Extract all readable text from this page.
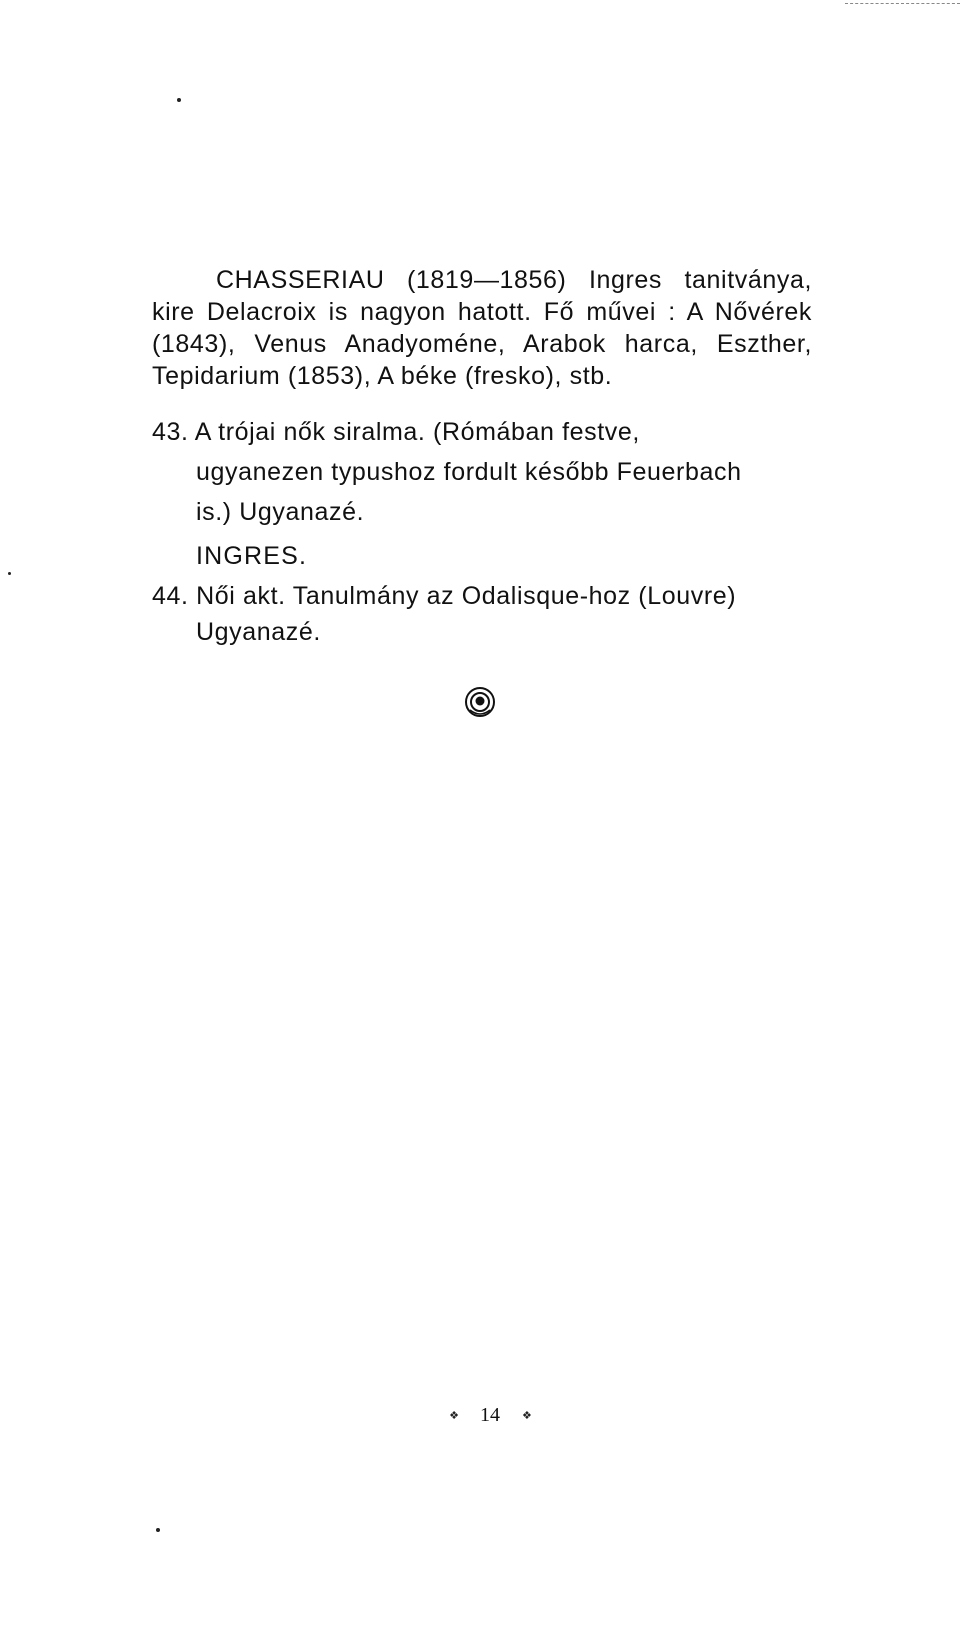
CHASSERIAU (1819—1856) Ingres tanitványa, kire Delacroix is nagyon hatott. Fő művei : A Nővérek (1843), Venus Anadyoméne, Arabok harca, Eszther, Tepidarium (1853), A béke (fresko), stb.

43. A trójai nők siralma. (Rómában festve, ugyanezen typushoz fordult később Feuerbach is.) Ugyanazé.
INGRES.
44. Női akt. Tanulmány az Odalisque-hoz (Louvre) Ugyanazé.
❖ 14 ❖
